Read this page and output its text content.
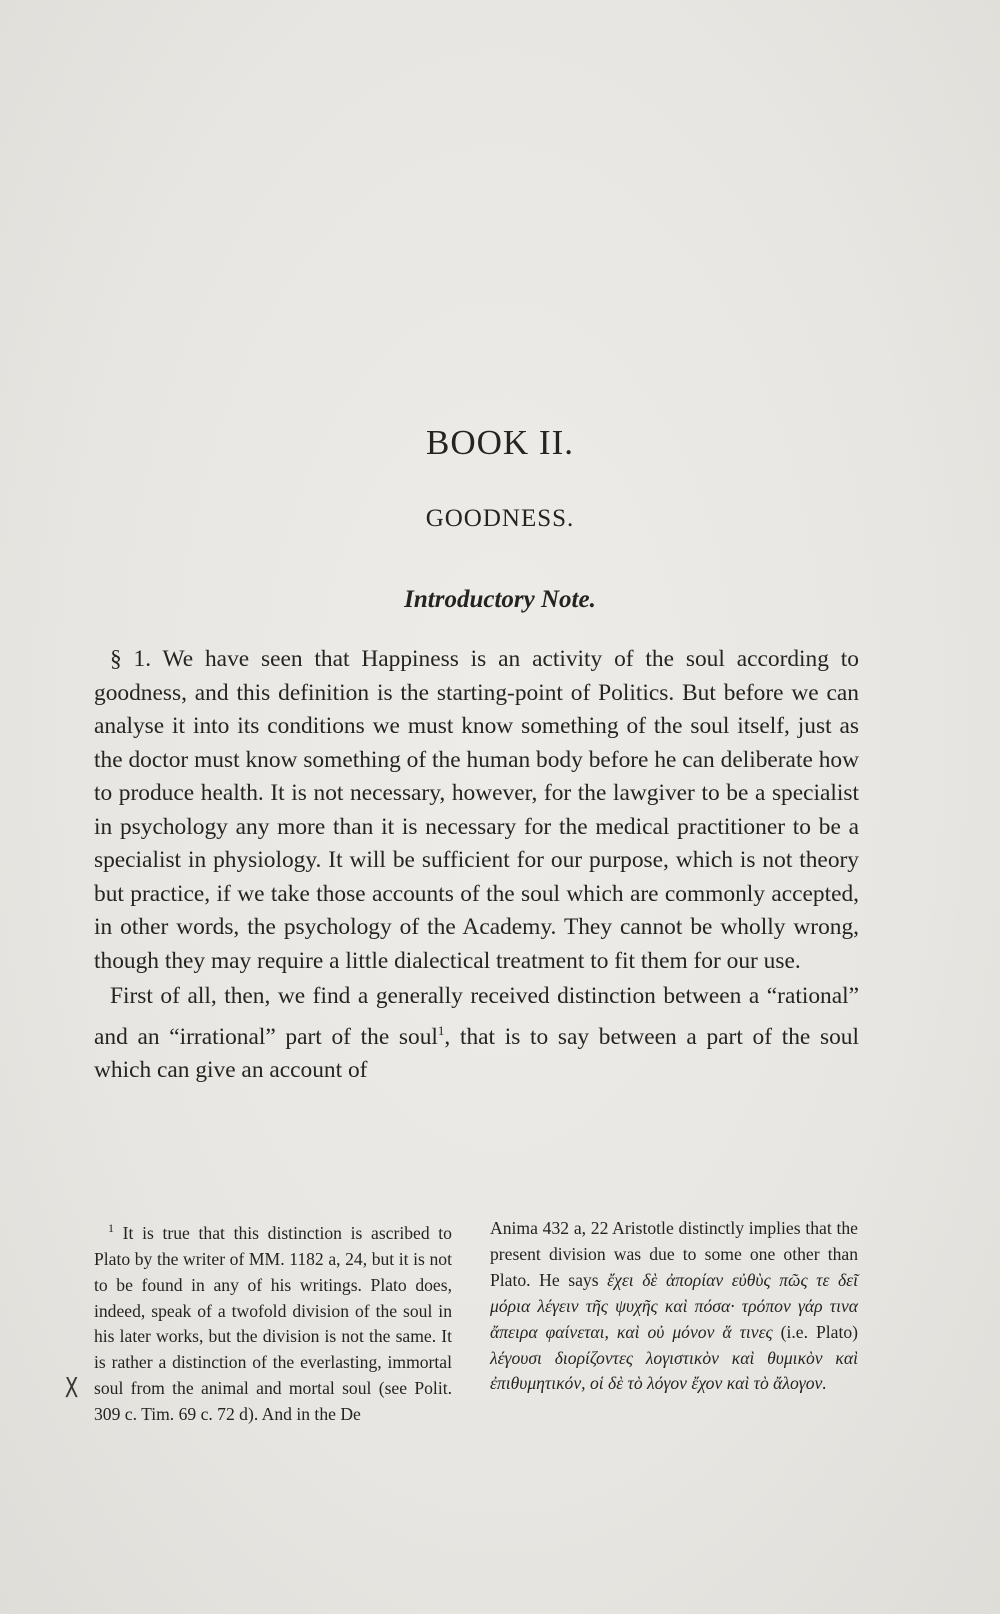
BOOK II.
GOODNESS.
Introductory Note.

§ 1. We have seen that Happiness is an activity of the soul according to goodness, and this definition is the starting-point of Politics. But before we can analyse it into its conditions we must know something of the soul itself, just as the doctor must know something of the human body before he can deliberate how to produce health. It is not necessary, however, for the lawgiver to be a specialist in psychology any more than it is necessary for the medical practitioner to be a specialist in physiology. It will be sufficient for our purpose, which is not theory but practice, if we take those accounts of the soul which are commonly accepted, in other words, the psychology of the Academy. They cannot be wholly wrong, though they may require a little dialectical treatment to fit them for our use.

First of all, then, we find a generally received distinction between a “rational” and an “irrational” part of the soul$^1$, that is to say between a part of the soul which can give an account of

$^1$ It is true that this distinction is ascribed to Plato by the writer of MM. 1182 a, 24, but it is not to be found in any of his writings. Plato does, indeed, speak of a twofold division of the soul in his later works, but the division is not the same. It is rather a distinction of the everlasting, immortal soul from the animal and mortal soul (see Polit. 309 c. Tim. 69 c. 72 d). And in the De

Anima 432 a, 22 Aristotle distinctly implies that the present division was due to some one other than Plato. He says ἔχει δὲ ἀπορίαν εὐθὺς πῶς τε δεῖ μόρια λέγειν τῆς ψυχῆς καὶ πόσα· τρόπον γάρ τινα ἄπειρα φαίνεται, καὶ οὐ μόνον ἅ τινες (i.e. Plato) λέγουσι διορίζοντες λογιστικὸν καὶ θυμικὸν καὶ ἐπιθυμητικόν, οἱ δὲ τὸ λόγον ἔχον καὶ τὸ ἄλογον.

X
